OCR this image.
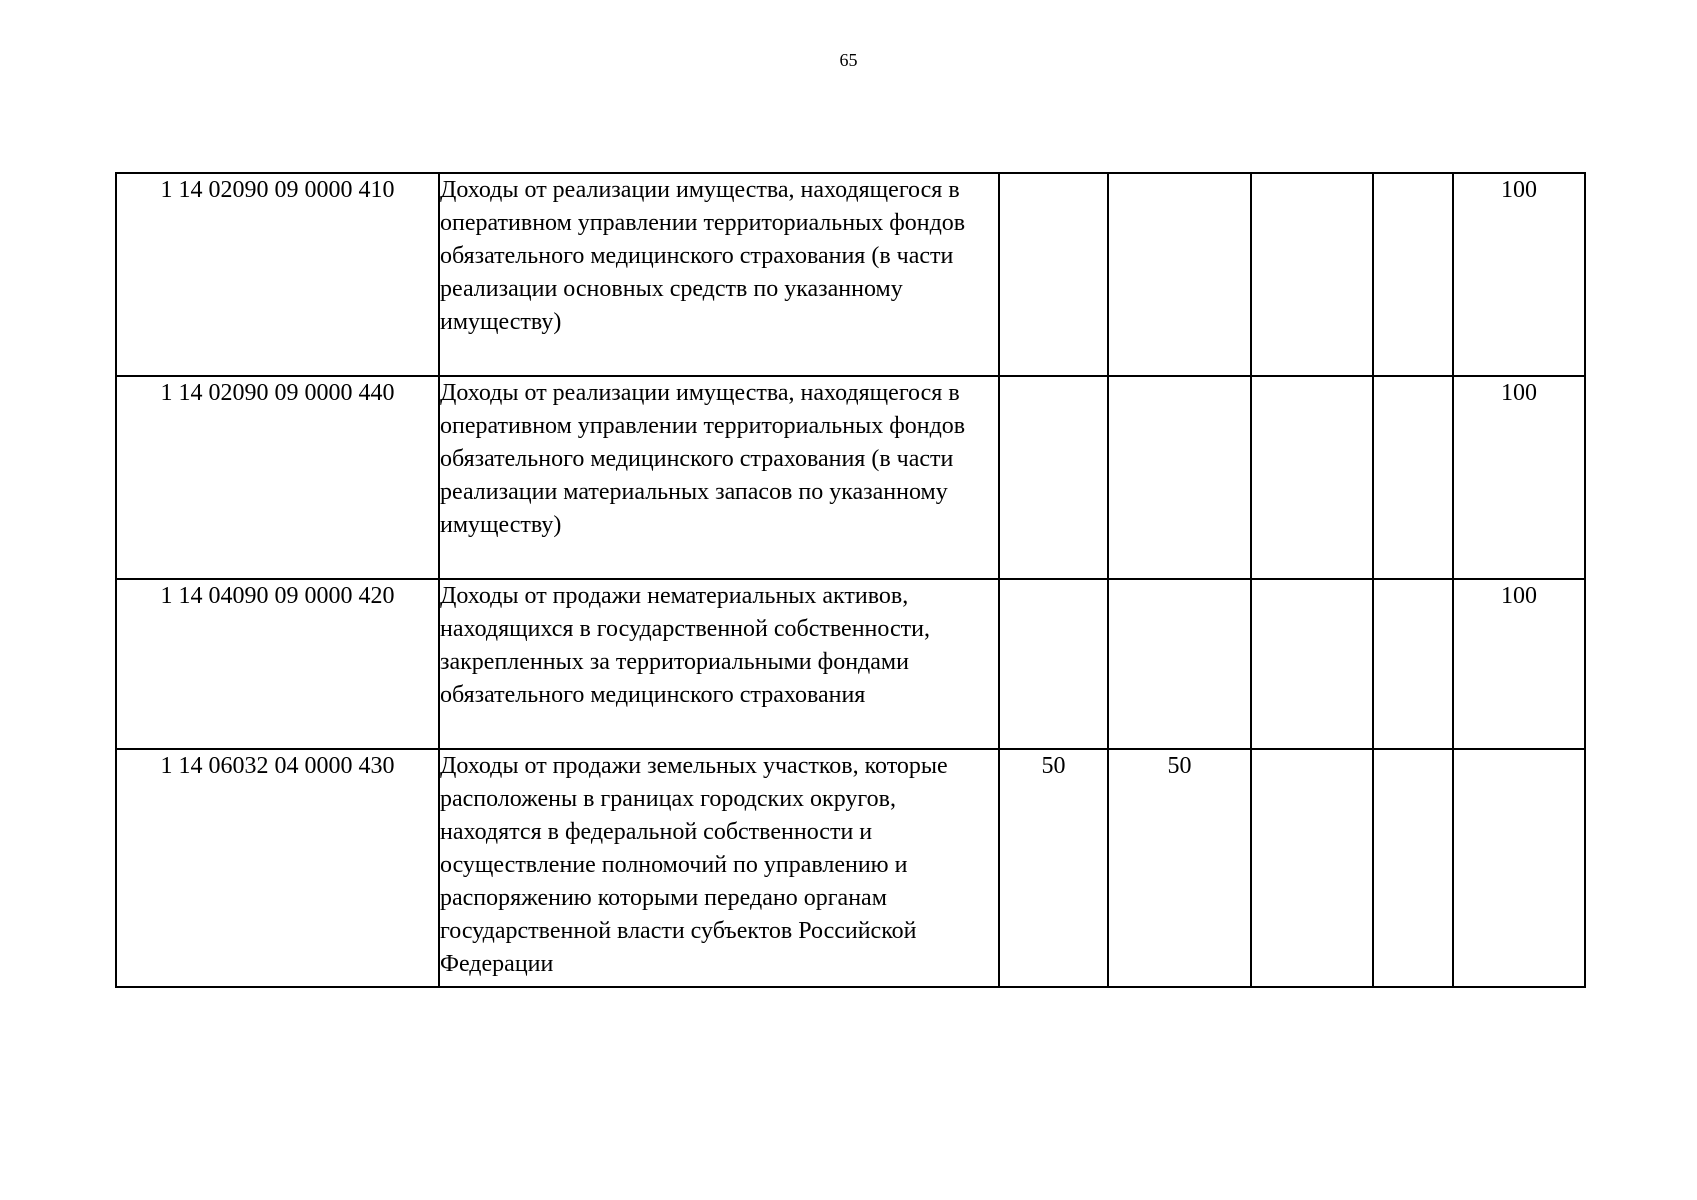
65
1 14 02090 09 0000 410	Доходы от реализации имущества, находящегося в оперативном управлении территориальных фондов обязательного медицинского страхования (в части реализации основных средств по указанному имуществу)					100
1 14 02090 09 0000 440	Доходы от реализации имущества, находящегося в оперативном управлении территориальных фондов обязательного медицинского страхования (в части реализации материальных запасов по указанному имуществу)					100
1 14 04090 09 0000 420	Доходы от продажи нематериальных активов, находящихся в государственной собственности, закрепленных за территориальными фондами обязательного медицинского страхования					100
1 14 06032 04 0000 430	Доходы от продажи земельных участков, которые расположены в границах городских округов, находятся в федеральной собственности и осуществление полномочий по управлению и распоряжению которыми передано органам государственной власти субъектов Российской Федерации	50	50			
